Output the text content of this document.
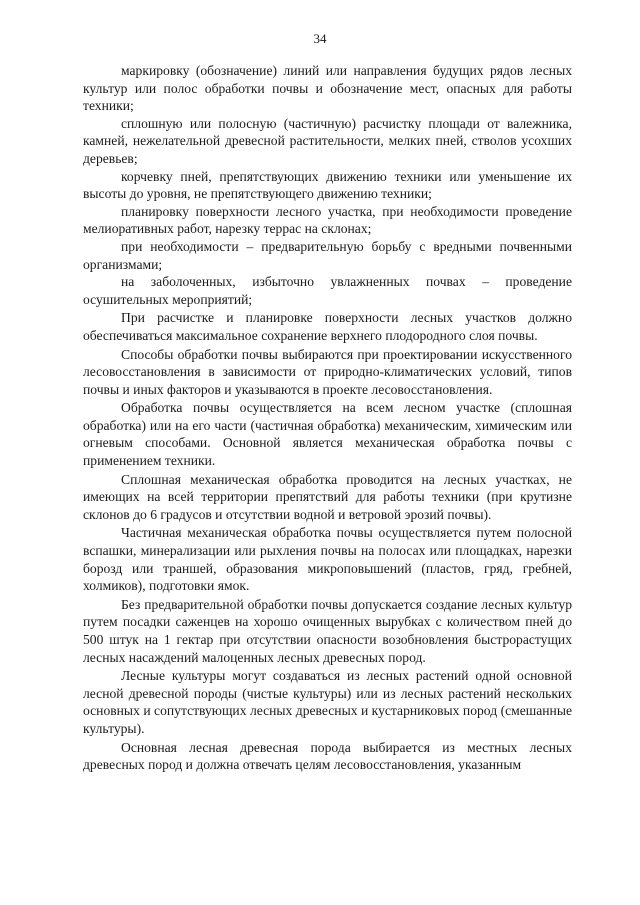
34

маркировку (обозначение) линий или направления будущих рядов лесных культур или полос обработки почвы и обозначение мест, опасных для работы техники;

сплошную или полосную (частичную) расчистку площади от валежника, камней, нежелательной древесной растительности, мелких пней, стволов усохших деревьев;

корчевку пней, препятствующих движению техники или уменьшение их высоты до уровня, не препятствующего движению техники;

планировку поверхности лесного участка, при необходимости проведение мелиоративных работ, нарезку террас на склонах;

при необходимости – предварительную борьбу с вредными почвенными организмами;

на заболоченных, избыточно увлажненных почвах – проведение осушительных мероприятий;

При расчистке и планировке поверхности лесных участков должно обеспечиваться максимальное сохранение верхнего плодородного слоя почвы.

Способы обработки почвы выбираются при проектировании искусственного лесовосстановления в зависимости от природно-климатических условий, типов почвы и иных факторов и указываются в проекте лесовосстановления.

Обработка почвы осуществляется на всем лесном участке (сплошная обработка) или на его части (частичная обработка) механическим, химическим или огневым способами. Основной является механическая обработка почвы с применением техники.

Сплошная механическая обработка проводится на лесных участках, не имеющих на всей территории препятствий для работы техники (при крутизне склонов до 6 градусов и отсутствии водной и ветровой эрозий почвы).

Частичная механическая обработка почвы осуществляется путем полосной вспашки, минерализации или рыхления почвы на полосах или площадках, нарезки борозд или траншей, образования микроповышений (пластов, гряд, гребней, холмиков), подготовки ямок.

Без предварительной обработки почвы допускается создание лесных культур путем посадки саженцев на хорошо очищенных вырубках с количеством пней до 500 штук на 1 гектар при отсутствии опасности возобновления быстрорастущих лесных насаждений малоценных лесных древесных пород.

Лесные культуры могут создаваться из лесных растений одной основной лесной древесной породы (чистые культуры) или из лесных растений нескольких основных и сопутствующих лесных древесных и кустарниковых пород (смешанные культуры).

Основная лесная древесная порода выбирается из местных лесных древесных пород и должна отвечать целям лесовосстановления, указанным
